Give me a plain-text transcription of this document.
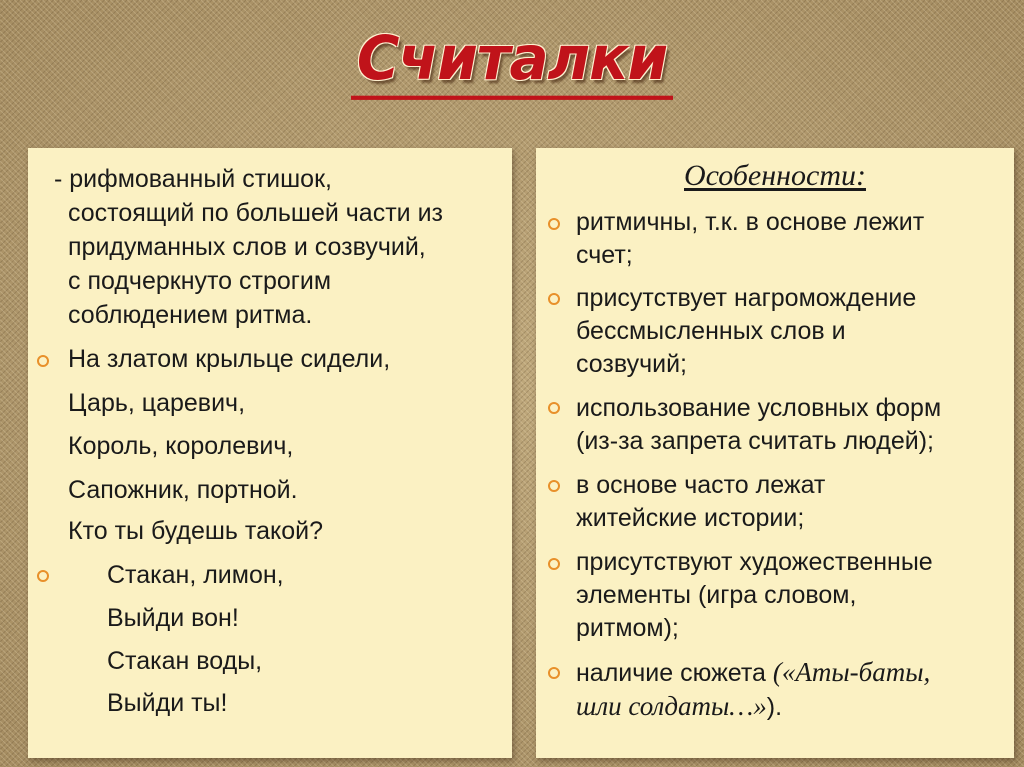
Считалки
- рифмованный стишок,
состоящий по большей части из
придуманных слов и созвучий,
с подчеркнуто строгим
соблюдением ритма.
На златом крыльце сидели,
Царь, царевич,
Король, королевич,
Сапожник, портной.
Кто ты будешь такой?
Стакан, лимон,
Выйди вон!
Стакан воды,
Выйди ты!
Особенности:
ритмичны, т.к. в основе лежит
счет;
присутствует нагромождение
бессмысленных слов и
созвучий;
использование условных форм
(из-за запрета считать людей);
в основе часто лежат
житейские истории;
присутствуют художественные
элементы (игра словом,
ритмом);
наличие сюжета («Аты-баты,
шли солдаты…»).
